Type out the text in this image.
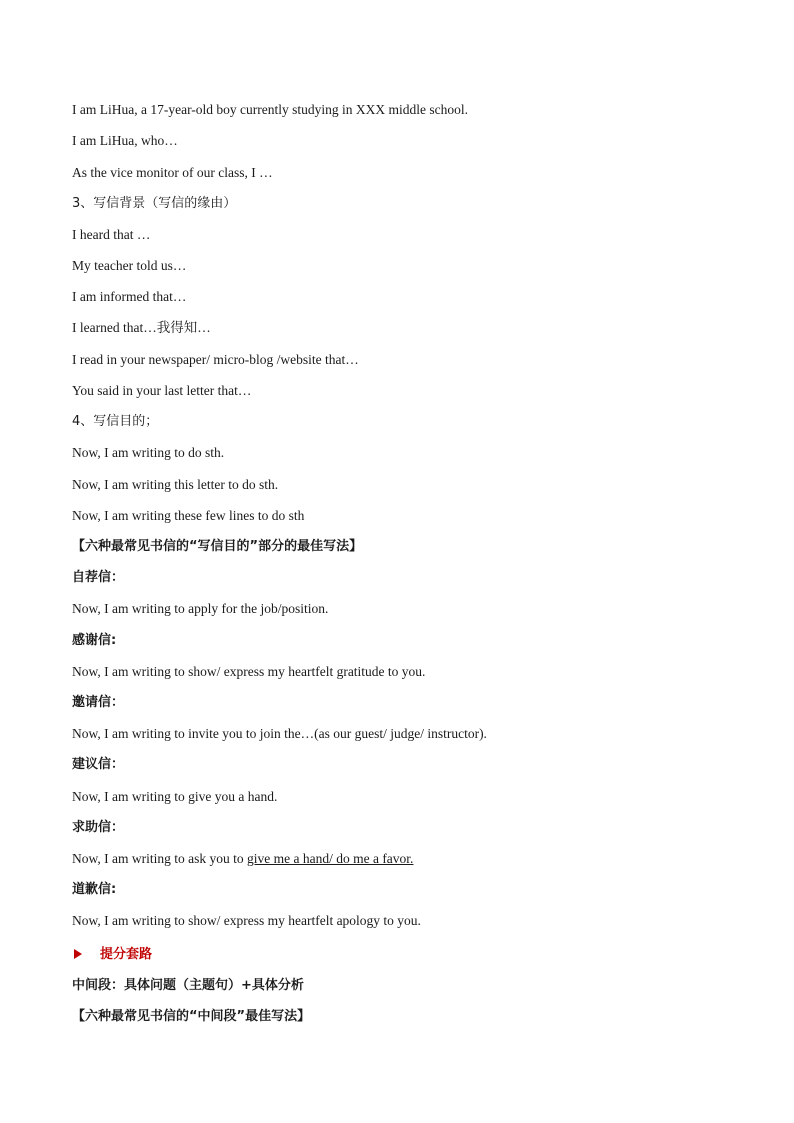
I am LiHua, a 17-year-old boy currently studying in XXX middle school.
I am LiHua, who…
As the vice monitor of our class, I …
3、写信背景（写信的缘由）
I heard that …
My teacher told us…
I am informed that…
I learned that…我得知…
I read in your newspaper/ micro-blog /website that…
You said in your last letter that…
4、写信目的；
Now, I am writing to do sth.
Now, I am writing this letter to do sth.
Now, I am writing these few lines to do sth
【六种最常见书信的“写信目的”部分的最佳写法】
自荐信：
Now, I am writing to apply for the job/position.
感谢信:
Now, I am writing to show/ express my heartfelt gratitude to you.
邀请信：
Now, I am writing to invite you to join the…(as our guest/ judge/ instructor).
建议信：
Now, I am writing to give you a hand.
求助信：
Now, I am writing to ask you to give me a hand/ do me a favor.
道歉信:
Now, I am writing to show/ express my heartfelt apology to you.
提分套路
中间段：具体问题（主题句）+具体分析
【六种最常见书信的“中间段”最佳写法】
